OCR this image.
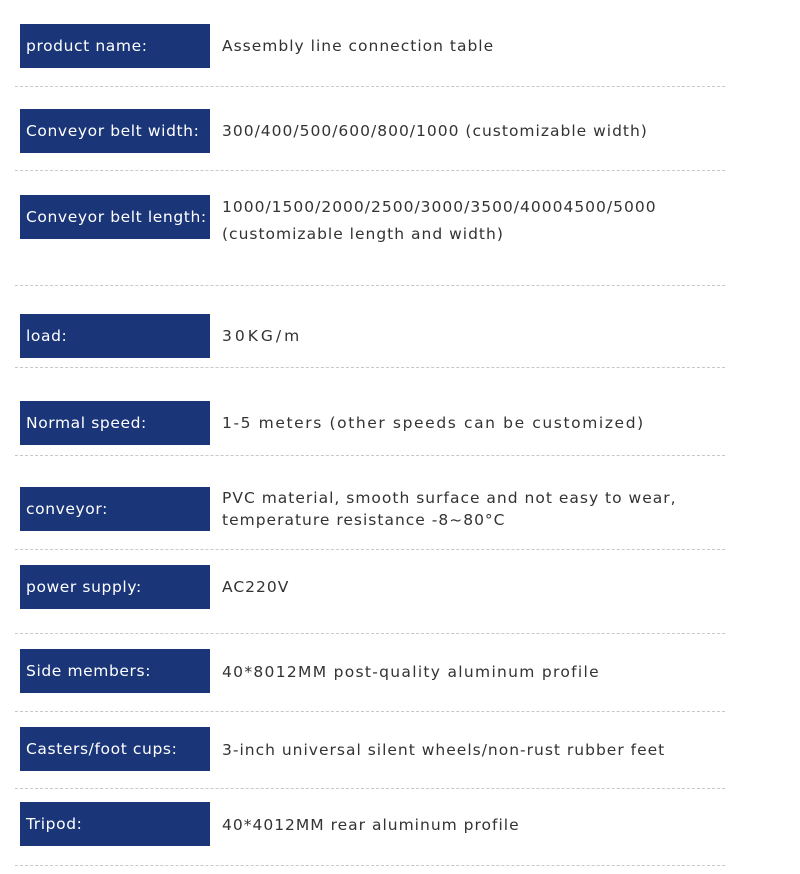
product name:	Assembly line connection table
Conveyor belt width:	300/400/500/600/800/1000 (customizable width)
Conveyor belt length:
1000/1500/2000/2500/3000/3500/40004500/5000
(customizable length and width)
load:	30KG/m
Normal speed:	1-5 meters (other speeds can be customized)
conveyor:
PVC material, smooth surface and not easy to wear,
temperature resistance -8~80°C
power supply:	AC220V
Side members:	40*8012MM post-quality aluminum profile
Casters/foot cups:	3-inch universal silent wheels/non-rust rubber feet
Tripod:	40*4012MM rear aluminum profile
